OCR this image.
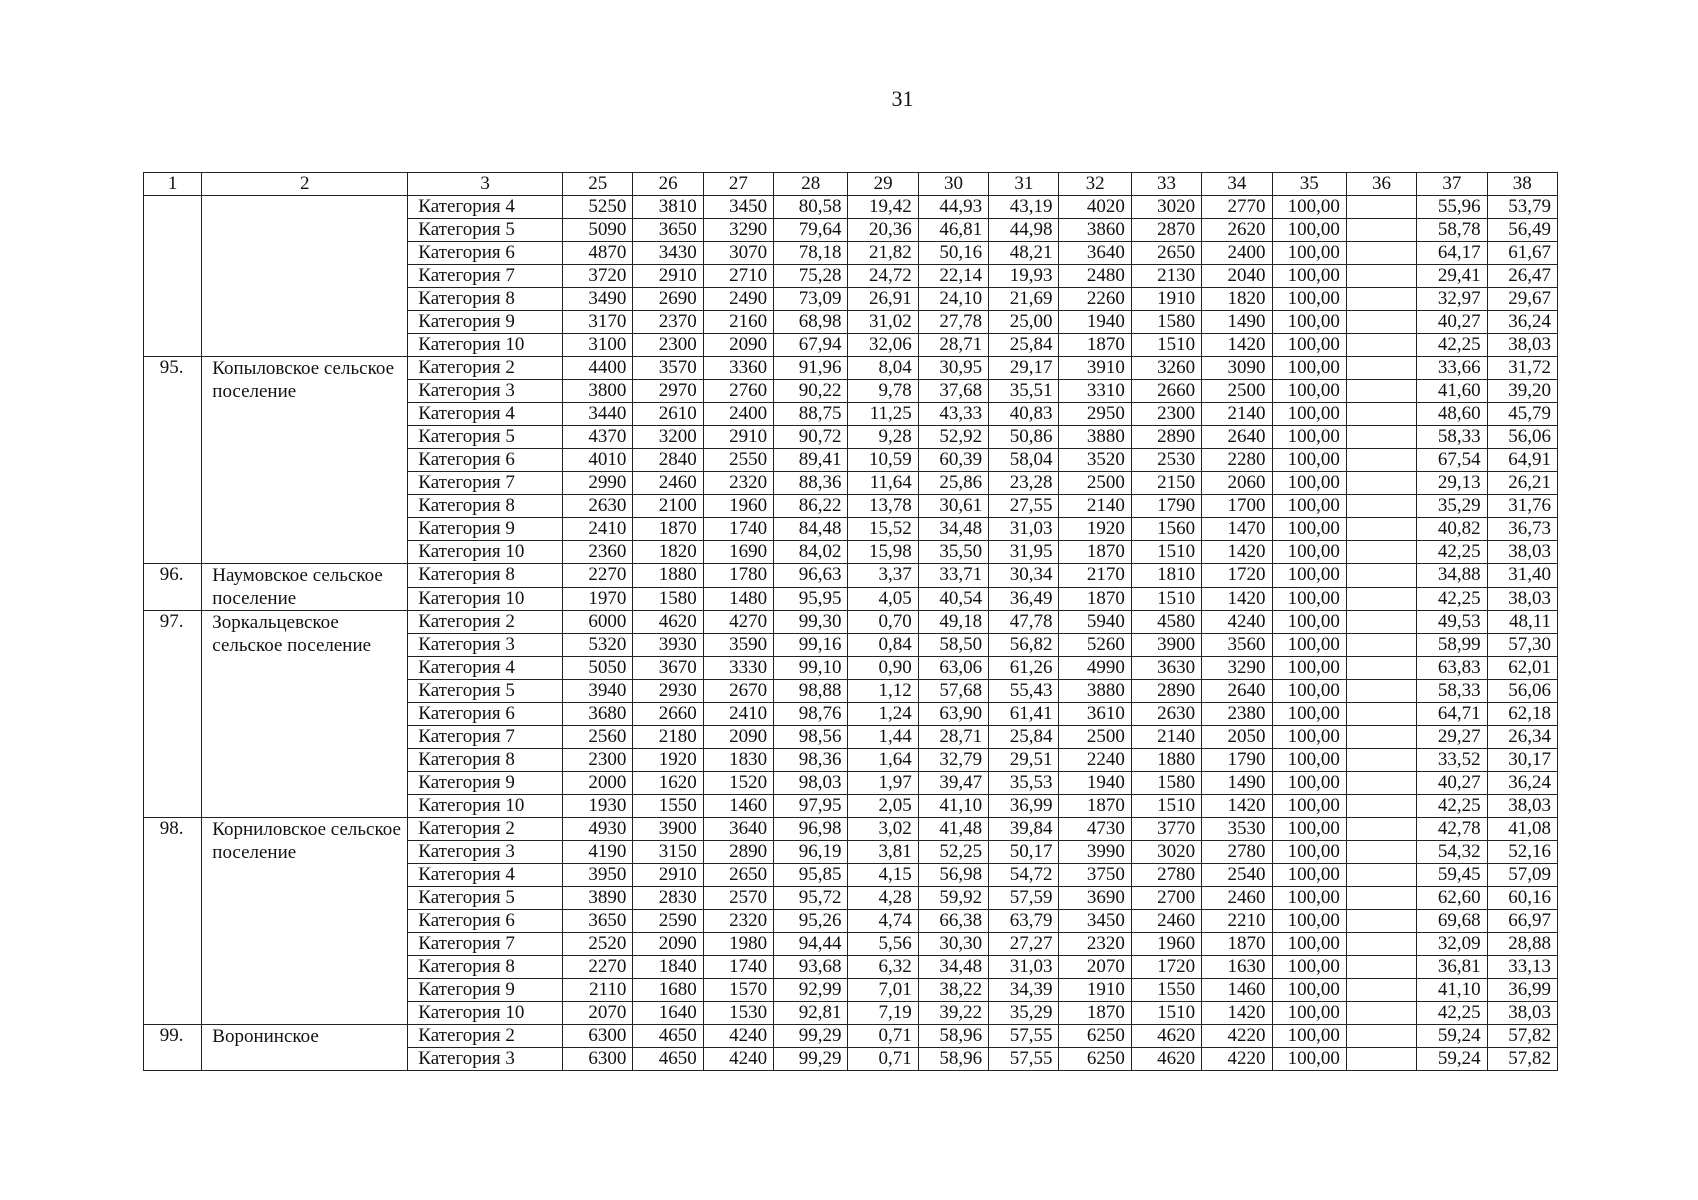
31
1	2	3	25	26	27	28	29	30	31	32	33	34	35	36	37	38
		Категория 4	5250	3810	3450	80,58	19,42	44,93	43,19	4020	3020	2770	100,00		55,96	53,79
		Категория 5	5090	3650	3290	79,64	20,36	46,81	44,98	3860	2870	2620	100,00		58,78	56,49
		Категория 6	4870	3430	3070	78,18	21,82	50,16	48,21	3640	2650	2400	100,00		64,17	61,67
		Категория 7	3720	2910	2710	75,28	24,72	22,14	19,93	2480	2130	2040	100,00		29,41	26,47
		Категория 8	3490	2690	2490	73,09	26,91	24,10	21,69	2260	1910	1820	100,00		32,97	29,67
		Категория 9	3170	2370	2160	68,98	31,02	27,78	25,00	1940	1580	1490	100,00		40,27	36,24
		Категория 10	3100	2300	2090	67,94	32,06	28,71	25,84	1870	1510	1420	100,00		42,25	38,03
95.	Копыловское сельское поселение	Категория 2	4400	3570	3360	91,96	8,04	30,95	29,17	3910	3260	3090	100,00		33,66	31,72
		Категория 3	3800	2970	2760	90,22	9,78	37,68	35,51	3310	2660	2500	100,00		41,60	39,20
		Категория 4	3440	2610	2400	88,75	11,25	43,33	40,83	2950	2300	2140	100,00		48,60	45,79
		Категория 5	4370	3200	2910	90,72	9,28	52,92	50,86	3880	2890	2640	100,00		58,33	56,06
		Категория 6	4010	2840	2550	89,41	10,59	60,39	58,04	3520	2530	2280	100,00		67,54	64,91
		Категория 7	2990	2460	2320	88,36	11,64	25,86	23,28	2500	2150	2060	100,00		29,13	26,21
		Категория 8	2630	2100	1960	86,22	13,78	30,61	27,55	2140	1790	1700	100,00		35,29	31,76
		Категория 9	2410	1870	1740	84,48	15,52	34,48	31,03	1920	1560	1470	100,00		40,82	36,73
		Категория 10	2360	1820	1690	84,02	15,98	35,50	31,95	1870	1510	1420	100,00		42,25	38,03
96.	Наумовское сельское поселение	Категория 8	2270	1880	1780	96,63	3,37	33,71	30,34	2170	1810	1720	100,00		34,88	31,40
		Категория 10	1970	1580	1480	95,95	4,05	40,54	36,49	1870	1510	1420	100,00		42,25	38,03
97.	Зоркальцевское сельское поселение	Категория 2	6000	4620	4270	99,30	0,70	49,18	47,78	5940	4580	4240	100,00		49,53	48,11
		Категория 3	5320	3930	3590	99,16	0,84	58,50	56,82	5260	3900	3560	100,00		58,99	57,30
		Категория 4	5050	3670	3330	99,10	0,90	63,06	61,26	4990	3630	3290	100,00		63,83	62,01
		Категория 5	3940	2930	2670	98,88	1,12	57,68	55,43	3880	2890	2640	100,00		58,33	56,06
		Категория 6	3680	2660	2410	98,76	1,24	63,90	61,41	3610	2630	2380	100,00		64,71	62,18
		Категория 7	2560	2180	2090	98,56	1,44	28,71	25,84	2500	2140	2050	100,00		29,27	26,34
		Категория 8	2300	1920	1830	98,36	1,64	32,79	29,51	2240	1880	1790	100,00		33,52	30,17
		Категория 9	2000	1620	1520	98,03	1,97	39,47	35,53	1940	1580	1490	100,00		40,27	36,24
		Категория 10	1930	1550	1460	97,95	2,05	41,10	36,99	1870	1510	1420	100,00		42,25	38,03
98.	Корниловское сельское поселение	Категория 2	4930	3900	3640	96,98	3,02	41,48	39,84	4730	3770	3530	100,00		42,78	41,08
		Категория 3	4190	3150	2890	96,19	3,81	52,25	50,17	3990	3020	2780	100,00		54,32	52,16
		Категория 4	3950	2910	2650	95,85	4,15	56,98	54,72	3750	2780	2540	100,00		59,45	57,09
		Категория 5	3890	2830	2570	95,72	4,28	59,92	57,59	3690	2700	2460	100,00		62,60	60,16
		Категория 6	3650	2590	2320	95,26	4,74	66,38	63,79	3450	2460	2210	100,00		69,68	66,97
		Категория 7	2520	2090	1980	94,44	5,56	30,30	27,27	2320	1960	1870	100,00		32,09	28,88
		Категория 8	2270	1840	1740	93,68	6,32	34,48	31,03	2070	1720	1630	100,00		36,81	33,13
		Категория 9	2110	1680	1570	92,99	7,01	38,22	34,39	1910	1550	1460	100,00		41,10	36,99
		Категория 10	2070	1640	1530	92,81	7,19	39,22	35,29	1870	1510	1420	100,00		42,25	38,03
99.	Воронинское	Категория 2	6300	4650	4240	99,29	0,71	58,96	57,55	6250	4620	4220	100,00		59,24	57,82
		Категория 3	6300	4650	4240	99,29	0,71	58,96	57,55	6250	4620	4220	100,00		59,24	57,82
